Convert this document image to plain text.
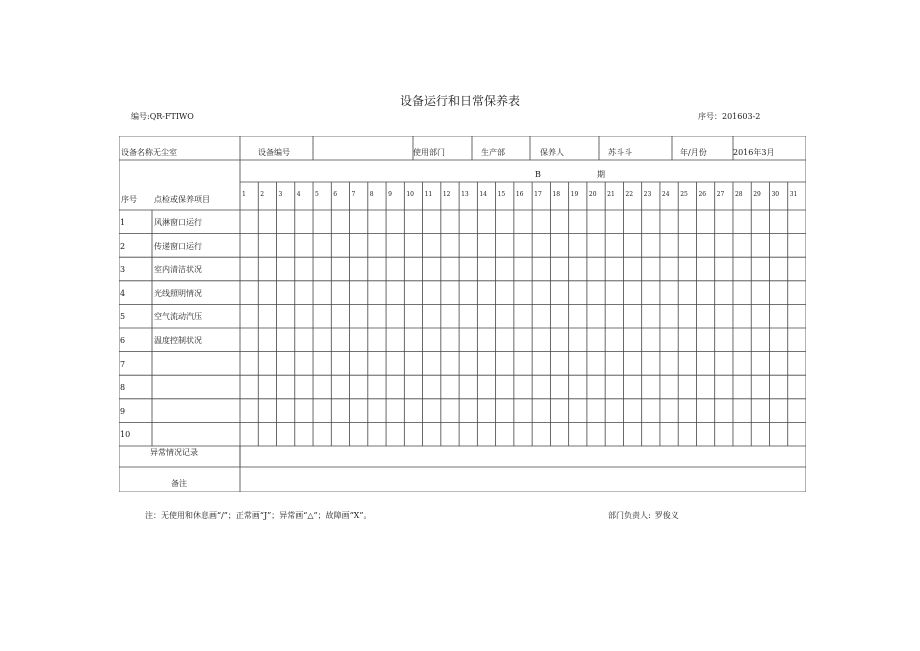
设备运行和日常保养表
编号:QR-FTIWO	序号：201603-2
设备名称无尘室	设备编号	使用部门	生产部	保养人	苏斗斗	年/月份	2016年3月
B	期
序号 点检或保养项目
1 2 3 4 5 6 7 8 9 10 11 12 13 14 15 16 17 18 19 20 21 22 23 24 25 26 27 28 29 30 31
1	风淋窗口运行
2	传递窗口运行
3	室内清洁状况
4	光线照明情况
5	空气流动汽压
6	温度控制状况
7
8
9
10
异常情况记录
备注
注：无使用和休息画“/”；正常画“J”；异常画“△”；故障画“X”。	部门负责人: 罗俊义
